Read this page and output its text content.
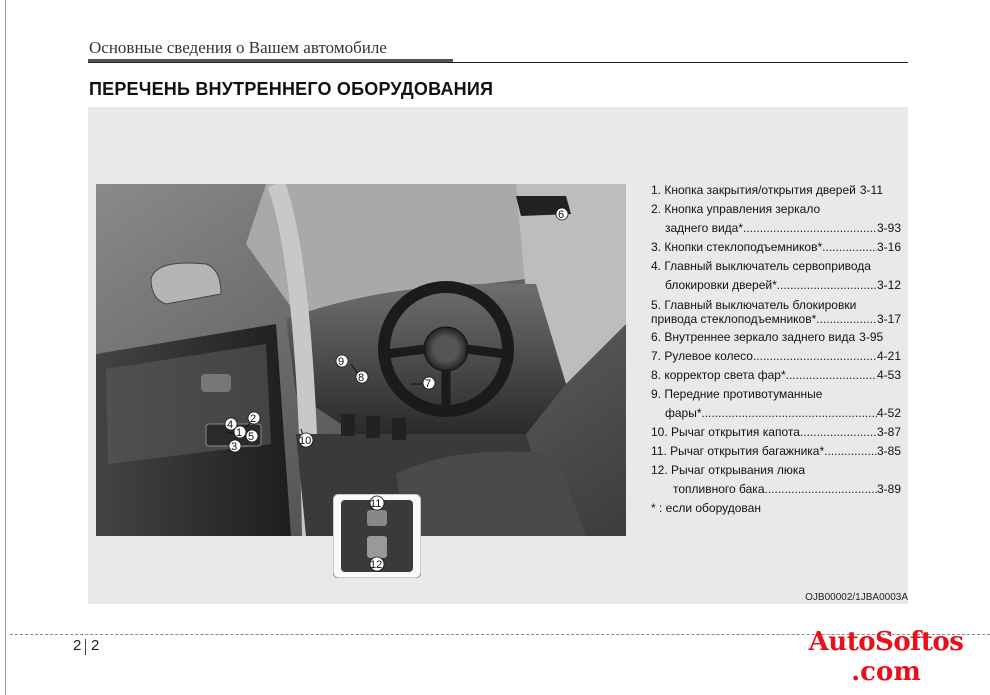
Основные сведения о Вашем автомобиле
ПЕРЕЧЕНЬ ВНУТРЕННЕГО ОБОРУДОВАНИЯ
1
2
3
4
5
6
7
8
9
10
11
12
1. Кнопка закрытия/открытия дверей 3-11
2. Кнопка управления зеркало
заднего вида* .....	3-93
3. Кнопки стеклоподъемников* .....	3-16
4. Главный выключатель сервопривода
блокировки дверей* .....	3-12
5. Главный выключатель блокировки
привода стеклоподъемников* .....	3-17
6. Внутреннее зеркало заднего вида 3-95
7. Рулевое колесо .....	4-21
8. корректор света фар* .....	4-53
9. Передние противотуманные
фары* .....	4-52
10. Рычаг открытия капота .....	3-87
11. Рычаг открытия багажника* .....	3-85
12. Рычаг открывания люка
топливного бака .....	3-89
* : если оборудован
OJB00002/1JBA0003A
2 2	AutoSoftos
.com
